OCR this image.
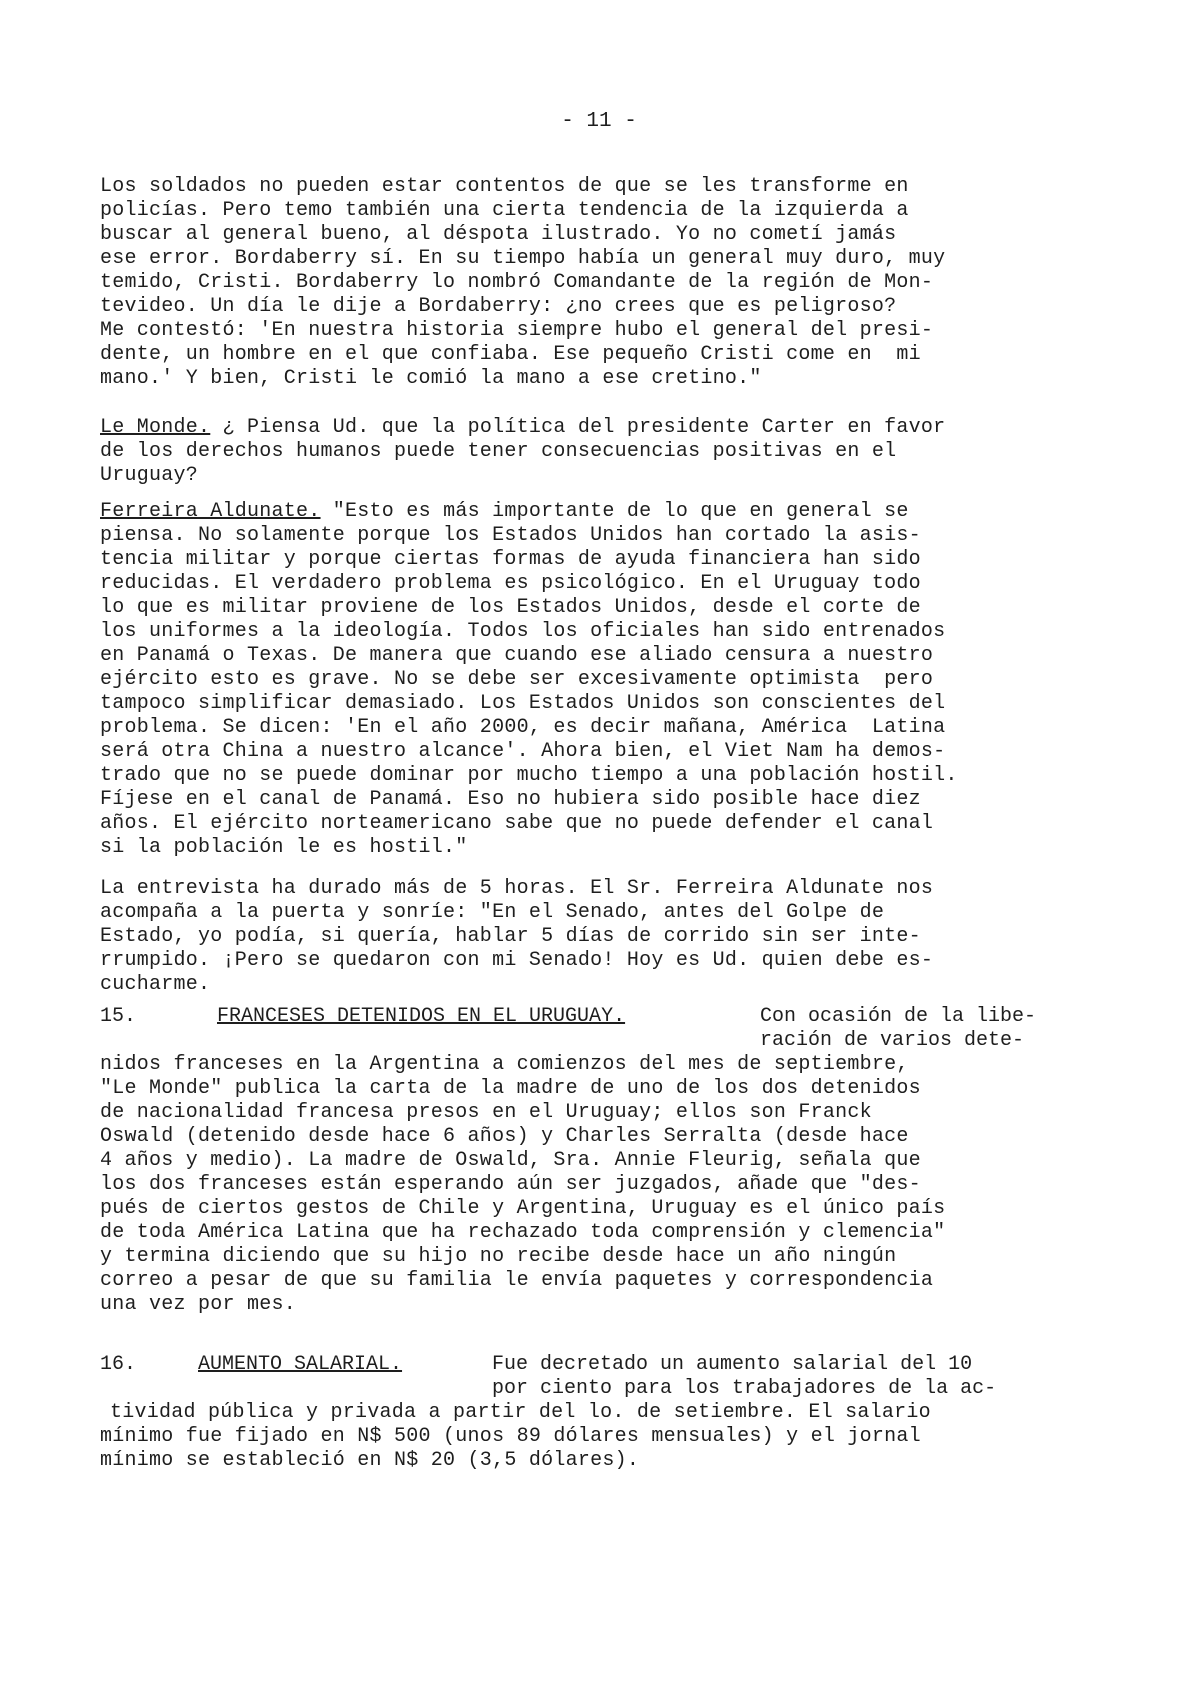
- 11 -
Los soldados no pueden estar contentos de que se les transforme en
policías. Pero temo también una cierta tendencia de la izquierda a
buscar al general bueno, al déspota ilustrado. Yo no cometí jamás
ese error. Bordaberry sí. En su tiempo había un general muy duro, muy
temido, Cristi. Bordaberry lo nombró Comandante de la región de Mon-
tevideo. Un día le dije a Bordaberry: ¿no crees que es peligroso?
Me contestó: 'En nuestra historia siempre hubo el general del presi-
dente, un hombre en el que confiaba. Ese pequeño Cristi come en  mi
mano.' Y bien, Cristi le comió la mano a ese cretino."
Le Monde. ¿ Piensa Ud. que la política del presidente Carter en favor
de los derechos humanos puede tener consecuencias positivas en el
Uruguay?
Ferreira Aldunate. "Esto es más importante de lo que en general se
piensa. No solamente porque los Estados Unidos han cortado la asis-
tencia militar y porque ciertas formas de ayuda financiera han sido
reducidas. El verdadero problema es psicológico. En el Uruguay todo
lo que es militar proviene de los Estados Unidos, desde el corte de
los uniformes a la ideología. Todos los oficiales han sido entrenados
en Panamá o Texas. De manera que cuando ese aliado censura a nuestro
ejército esto es grave. No se debe ser excesivamente optimista  pero
tampoco simplificar demasiado. Los Estados Unidos son conscientes del
problema. Se dicen: 'En el año 2000, es decir mañana, América  Latina
será otra China a nuestro alcance'. Ahora bien, el Viet Nam ha demos-
trado que no se puede dominar por mucho tiempo a una población hostil.
Fíjese en el canal de Panamá. Eso no hubiera sido posible hace diez
años. El ejército norteamericano sabe que no puede defender el canal
si la población le es hostil."
La entrevista ha durado más de 5 horas. El Sr. Ferreira Aldunate nos
acompaña a la puerta y sonríe: "En el Senado, antes del Golpe de
Estado, yo podía, si quería, hablar 5 días de corrido sin ser inte-
rrumpido. ¡Pero se quedaron con mi Senado! Hoy es Ud. quien debe es-
cucharme.

15.

	FRANCESES DETENIDOS EN EL URUGUAY.

	Con ocasión de la libe-

ración de varios dete-

nidos franceses en la Argentina a comienzos del mes de septiembre,
"Le Monde" publica la carta de la madre de uno de los dos detenidos
de nacionalidad francesa presos en el Uruguay; ellos son Franck
Oswald (detenido desde hace 6 años) y Charles Serralta (desde hace
4 años y medio). La madre de Oswald, Sra. Annie Fleurig, señala que
los dos franceses están esperando aún ser juzgados, añade que "des-
pués de ciertos gestos de Chile y Argentina, Uruguay es el único país
de toda América Latina que ha rechazado toda comprensión y clemencia"
y termina diciendo que su hijo no recibe desde hace un año ningún
correo a pesar de que su familia le envía paquetes y correspondencia
una vez por mes.

16.

	AUMENTO SALARIAL.

	Fue decretado un aumento salarial del 10

por ciento para los trabajadores de la ac-

tividad pública y privada a partir del lo. de setiembre. El salario
mínimo fue fijado en N$ 500 (unos 89 dólares mensuales) y el jornal
mínimo se estableció en N$ 20 (3,5 dólares).
